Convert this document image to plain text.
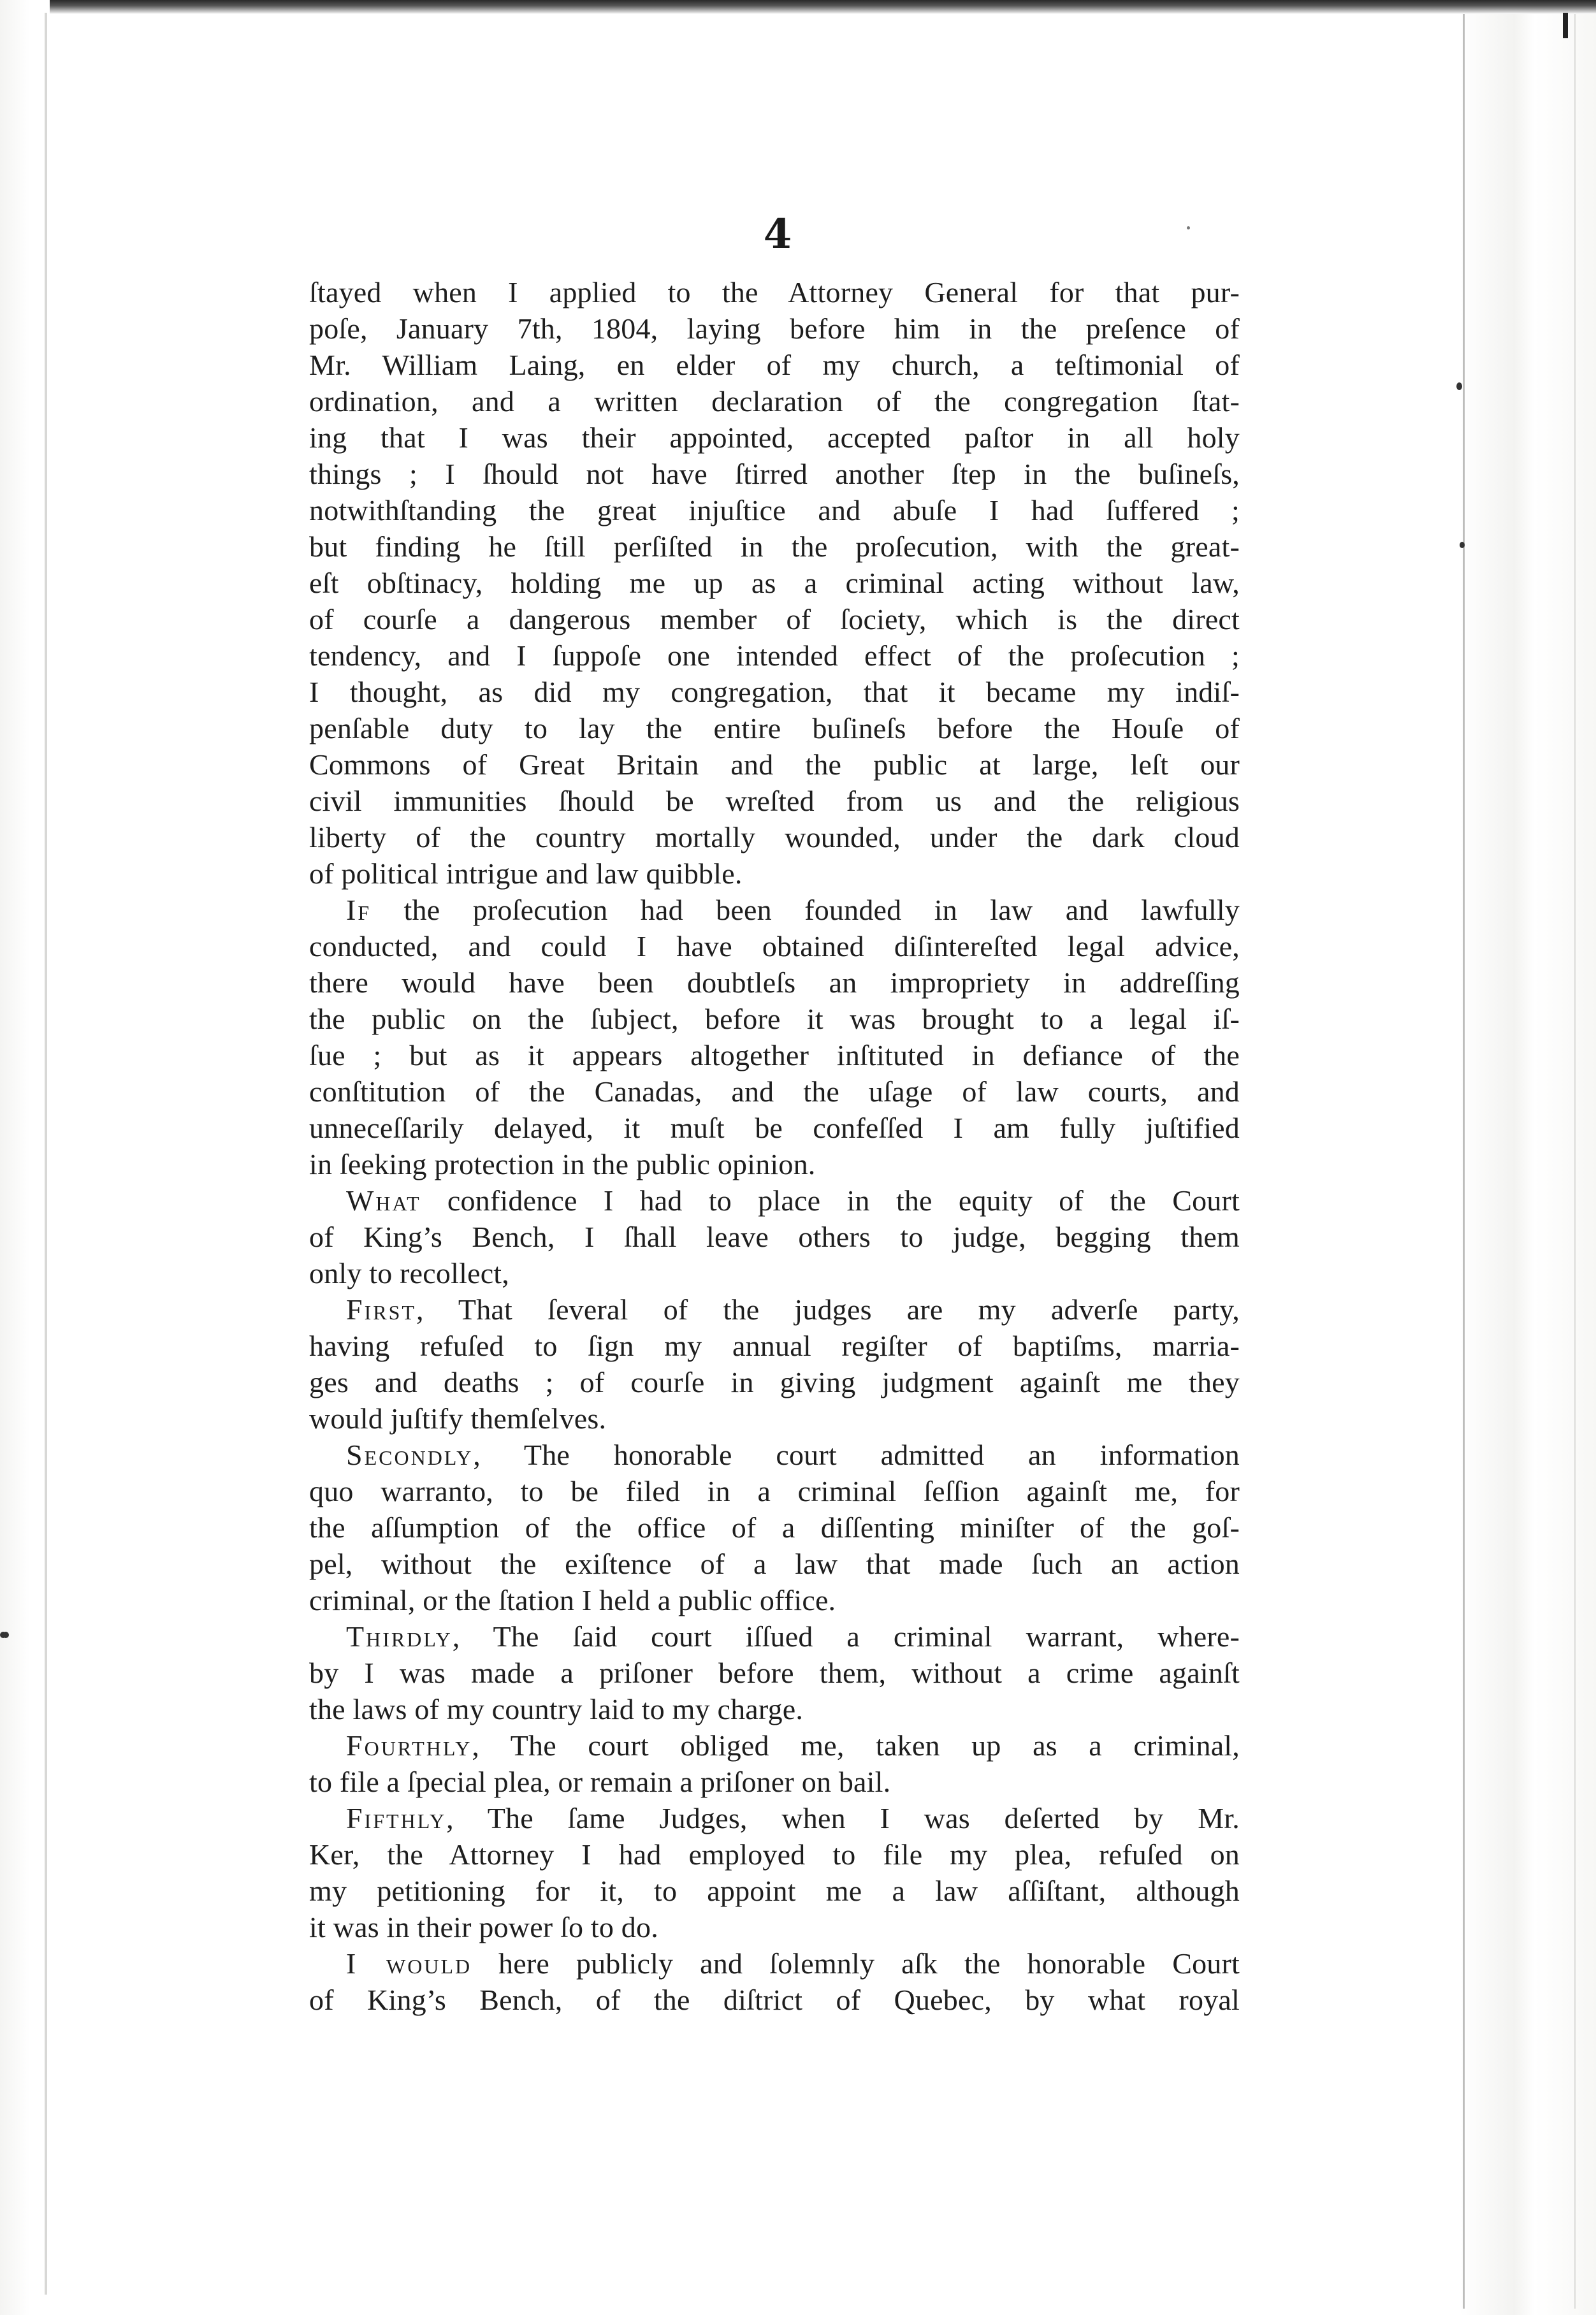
4
ſtayed when I applied to the Attorney General for that pur-
poſe, January 7th, 1804, laying before him in the preſence of
Mr. William Laing, en elder of my church, a teſtimonial of
ordination, and a written declaration of the congregation ſtat-
ing that I was their appointed, accepted paſtor in all holy
things ; I ſhould not have ſtirred another ſtep in the buſineſs,
notwithſtanding the great injuſtice and abuſe I had ſuffered ;
but finding he ſtill perſiſted in the proſecution, with the great-
eſt obſtinacy, holding me up as a criminal acting without law,
of courſe a dangerous member of ſociety, which is the direct
tendency, and I ſuppoſe one intended effect of the proſecution ;
I thought, as did my congregation, that it became my indiſ-
penſable duty to lay the entire buſineſs before the Houſe of
Commons of Great Britain and the public at large, leſt our
civil immunities ſhould be wreſted from us and the religious
liberty of the country mortally wounded, under the dark cloud
of political intrigue and law quibble.
If the proſecution had been founded in law and lawfully
conducted, and could I have obtained diſintereſted legal advice,
there would have been doubtleſs an impropriety in addreſſing
the public on the ſubject, before it was brought to a legal iſ-
ſue ; but as it appears altogether inſtituted in defiance of the
conſtitution of the Canadas, and the uſage of law courts, and
unneceſſarily delayed, it muſt be confeſſed I am fully juſtified
in ſeeking protection in the public opinion.
What confidence I had to place in the equity of the Court
of King’s Bench, I ſhall leave others to judge, begging them
only to recollect,
First, That ſeveral of the judges are my adverſe party,
having refuſed to ſign my annual regiſter of baptiſms, marria-
ges and deaths ; of courſe in giving judgment againſt me they
would juſtify themſelves.
Secondly, The honorable court admitted an information
quo warranto, to be filed in a criminal ſeſſion againſt me, for
the aſſumption of the office of a diſſenting miniſter of the goſ-
pel, without the exiſtence of a law that made ſuch an action
criminal, or the ſtation I held a public office.
Thirdly, The ſaid court iſſued a criminal warrant, where-
by I was made a priſoner before them, without a crime againſt
the laws of my country laid to my charge.
Fourthly, The court obliged me, taken up as a criminal,
to file a ſpecial plea, or remain a priſoner on bail.
Fifthly, The ſame Judges, when I was deſerted by Mr.
Ker, the Attorney I had employed to file my plea, refuſed on
my petitioning for it, to appoint me a law aſſiſtant, although
it was in their power ſo to do.
I would here publicly and ſolemnly aſk the honorable Court
of King’s Bench, of the diſtrict of Quebec, by what royal
